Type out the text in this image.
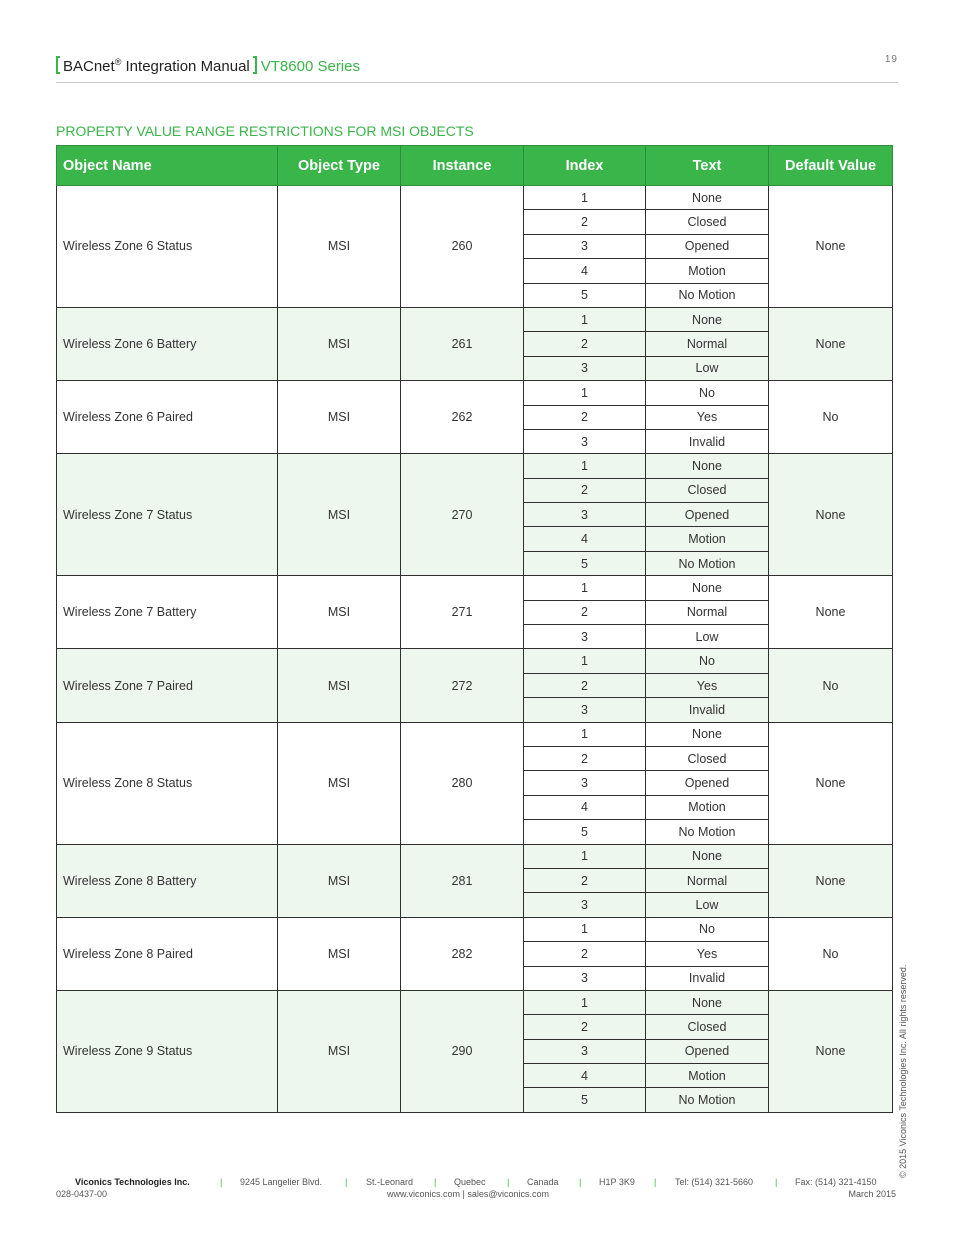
BACnet® Integration Manual VT8600 Series	19
PROPERTY VALUE RANGE RESTRICTIONS FOR MSI OBJECTS
Object Name	Object Type	Instance	Index	Text	Default Value
Wireless Zone 6 Status	MSI	260	1	None	None
			2	Closed	
			3	Opened	
			4	Motion	
			5	No Motion	
Wireless Zone 6 Battery	MSI	261	1	None	None
			2	Normal	
			3	Low	
Wireless Zone 6 Paired	MSI	262	1	No	No
			2	Yes	
			3	Invalid	
Wireless Zone 7 Status	MSI	270	1	None	None
			2	Closed	
			3	Opened	
			4	Motion	
			5	No Motion	
Wireless Zone 7 Battery	MSI	271	1	None	None
			2	Normal	
			3	Low	
Wireless Zone 7 Paired	MSI	272	1	No	No
			2	Yes	
			3	Invalid	
Wireless Zone 8 Status	MSI	280	1	None	None
			2	Closed	
			3	Opened	
			4	Motion	
			5	No Motion	
Wireless Zone 8 Battery	MSI	281	1	None	None
			2	Normal	
			3	Low	
Wireless Zone 8 Paired	MSI	282	1	No	No
			2	Yes	
			3	Invalid	
Wireless Zone 9 Status	MSI	290	1	None	None
			2	Closed	
			3	Opened	
			4	Motion	
			5	No Motion		© 2015 Viconics Technologies Inc. All rights reserved.
Viconics Technologies Inc.	| 9245 Langelier Blvd.	| St.-Leonard | Quebec | Canada | H1P 3K9 | Tel: (514) 321-5660 | Fax: (514) 321-4150
028-0437-00	www.viconics.com | sales@viconics.com	March 2015
